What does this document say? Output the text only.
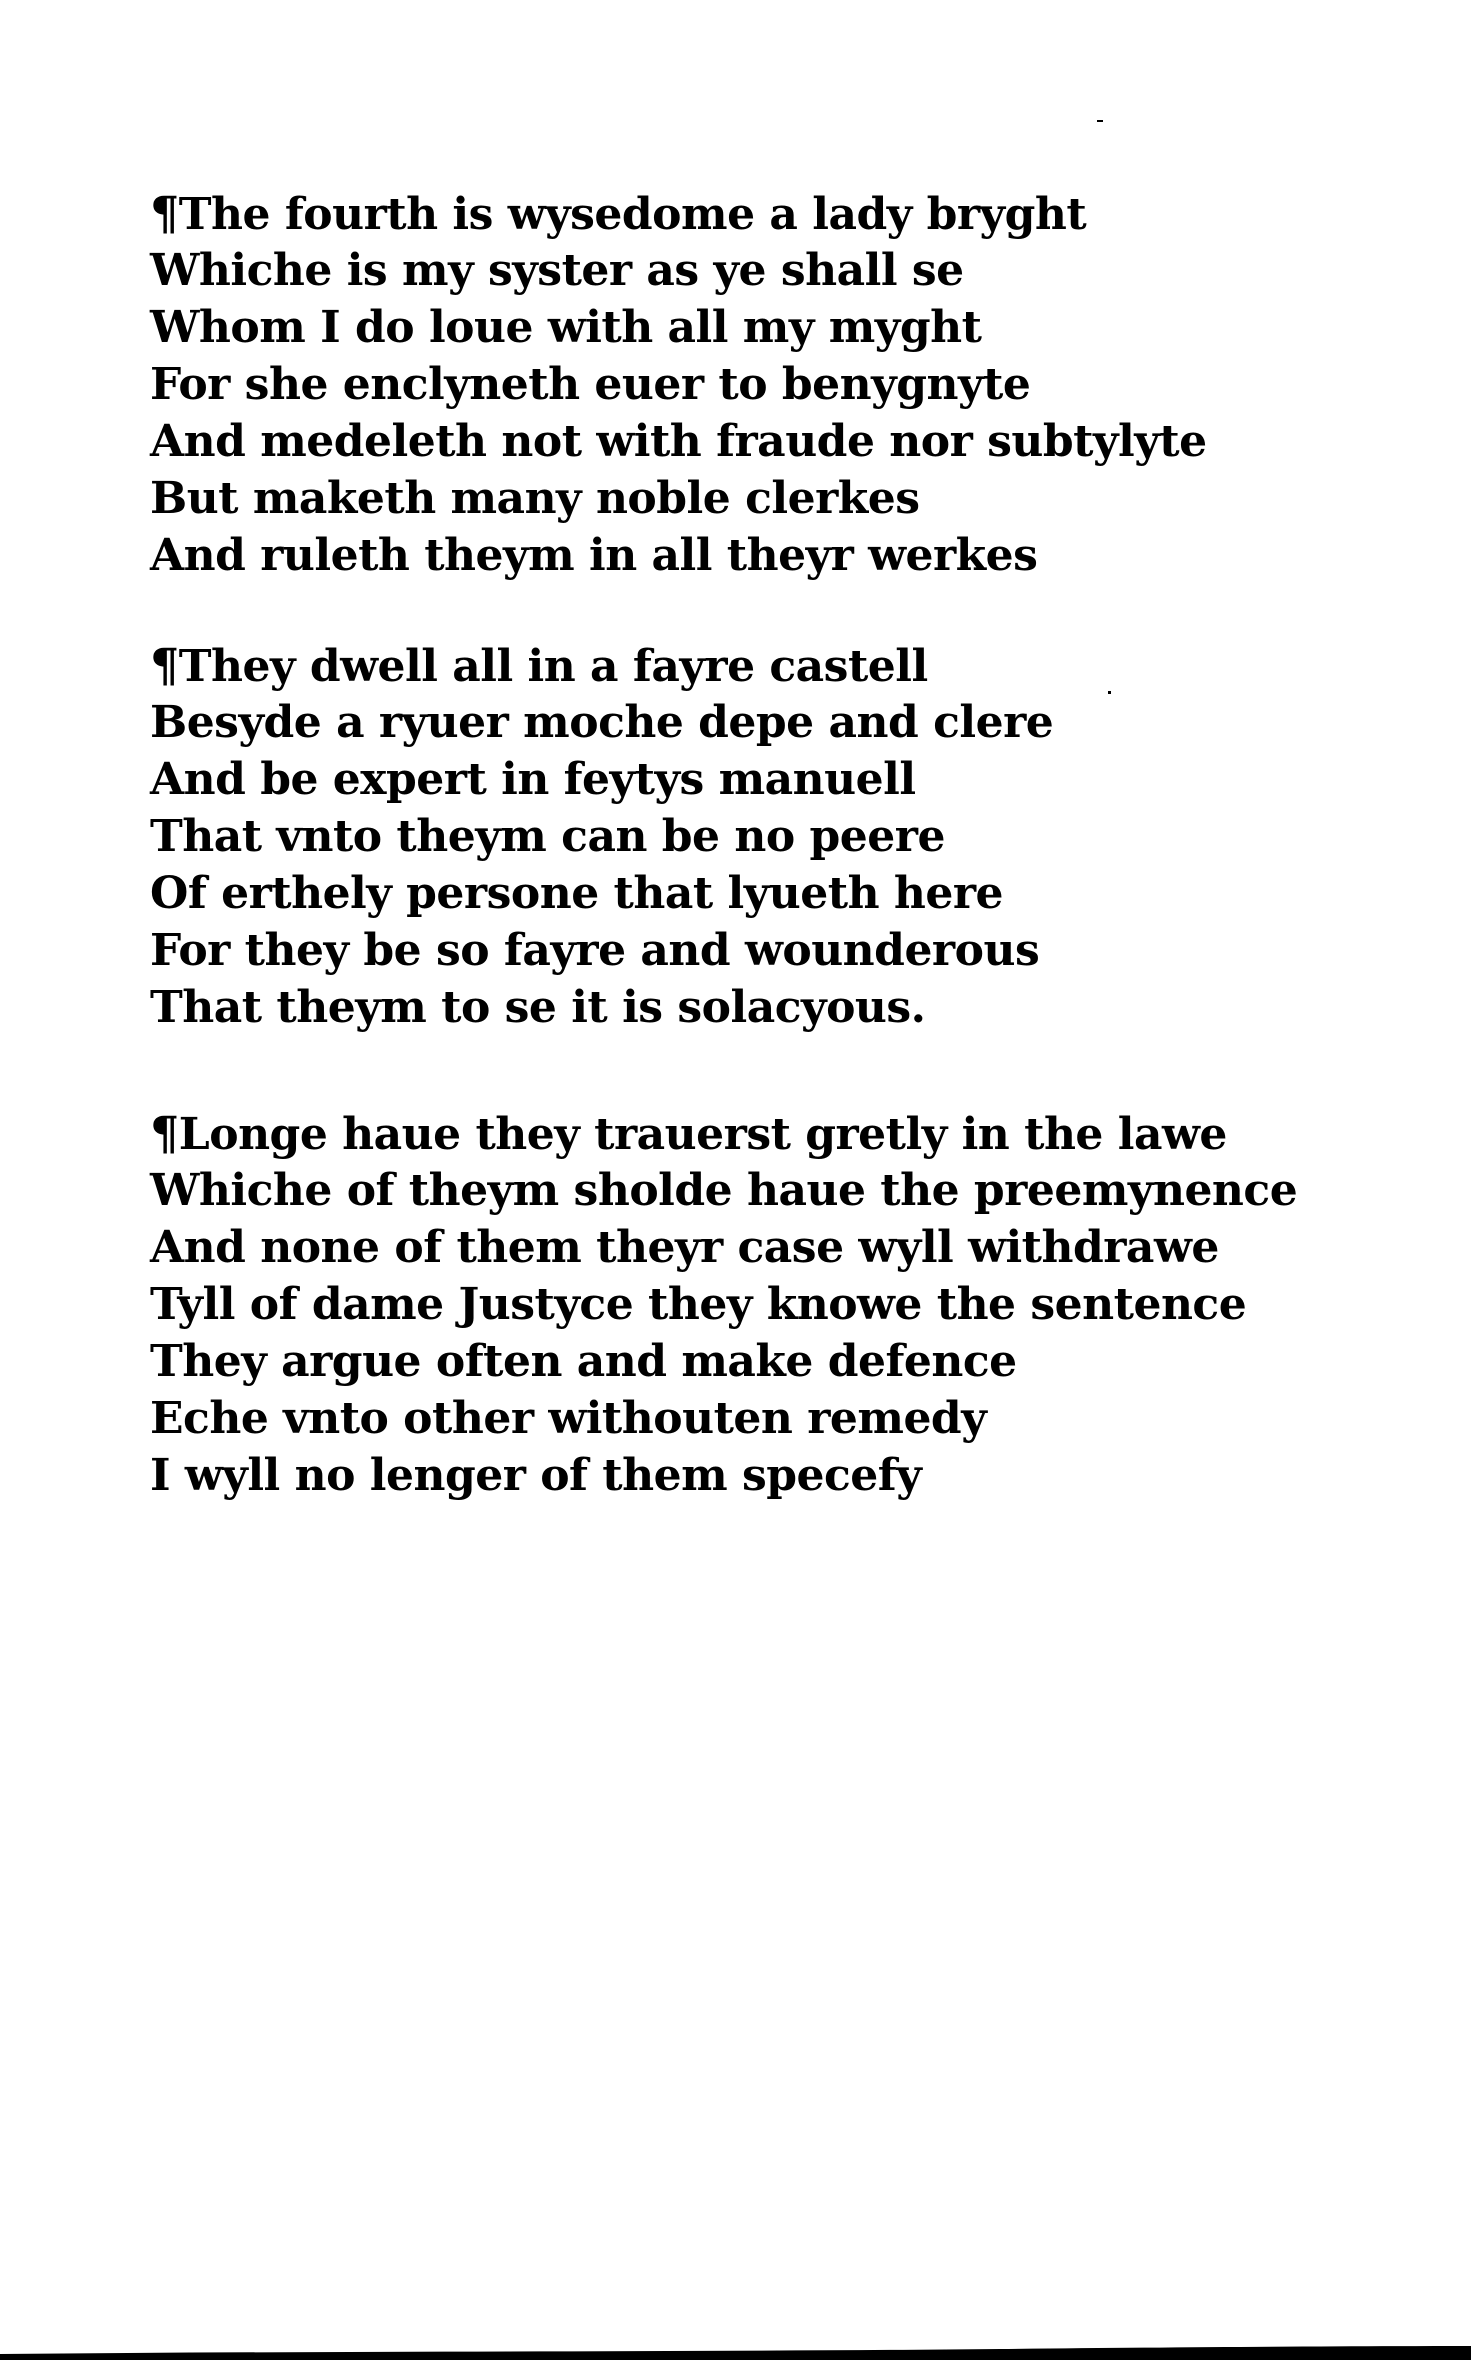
¶The fourth is wysedome a lady bryght
Whiche is my syster as ye shall se
Whom I do loue with all my myght
For she enclyneth euer to benygnyte
And medeleth not with fraude nor subtylyte
But maketh many noble clerkes
And ruleth theym in all theyr werkes
¶They dwell all in a fayre castell
Besyde a ryuer moche depe and clere
And be expert in feytys manuell
That vnto theym can be no peere
Of erthely persone that lyueth here
For they be so fayre and wounderous
That theym to se it is solacyous.
¶Longe haue they trauerst gretly in the lawe
Whiche of theym sholde haue the preemynence
And none of them theyr case wyll withdrawe
Tyll of dame Justyce they knowe the sentence
They argue often and make defence
Eche vnto other withouten remedy
I wyll no lenger of them specefy
